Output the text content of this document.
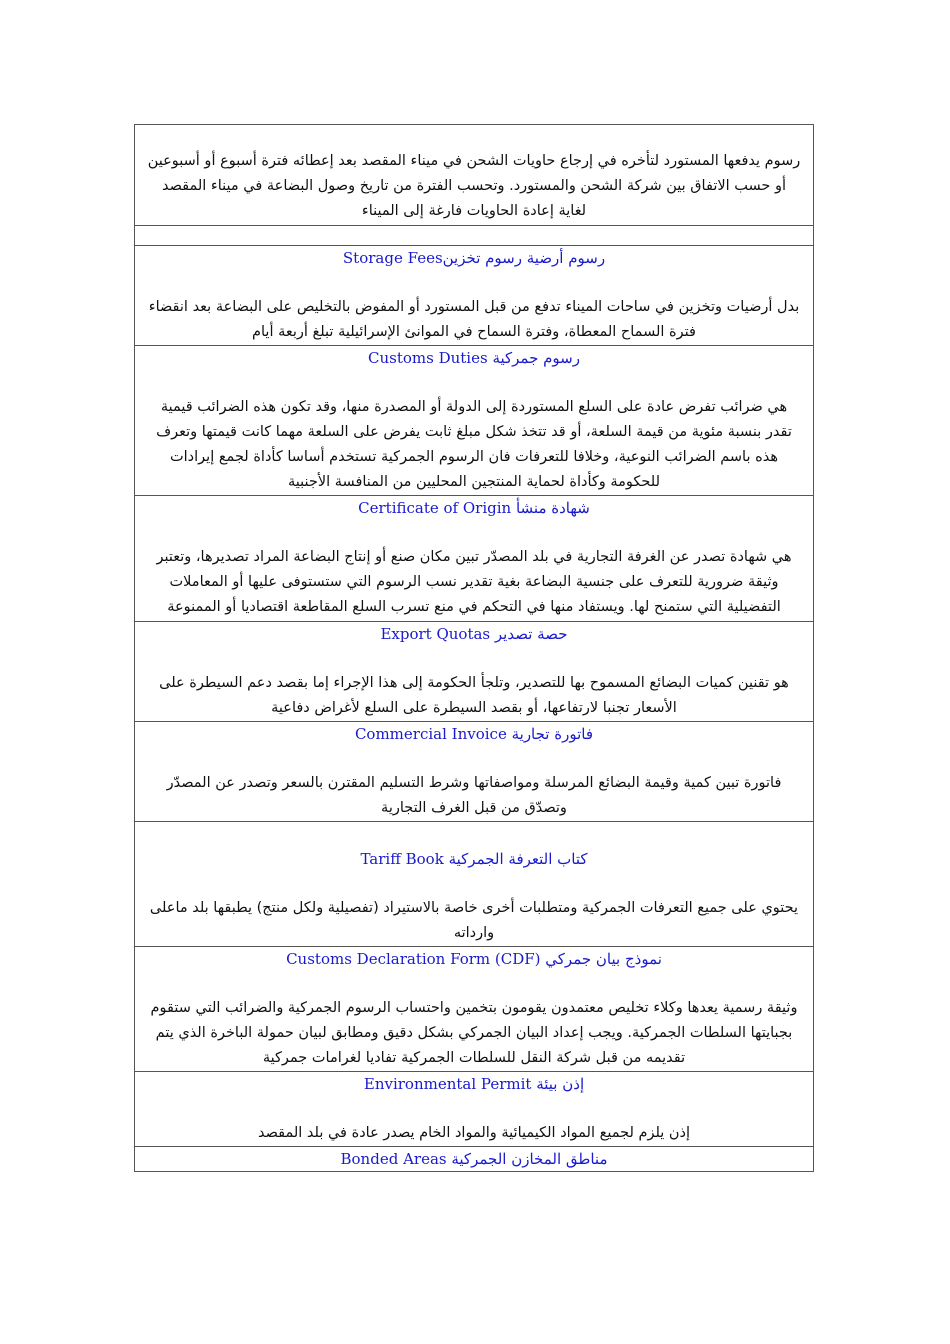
رسوم يدفعها المستورد لتأخره في إرجاع حاويات الشحن في ميناء المقصد بعد إعطائه فترة أسبوع أو أسبوعين أو حسب الاتفاق بين شركة الشحن والمستورد. وتحسب الفترة من تاريخ وصول البضاعة في ميناء المقصد لغاية إعادة الحاويات فارغة إلى الميناء
Storage Feesرسوم أرضية رسوم تخزين
بدل أرضيات وتخزين في ساحات الميناء تدفع من قبل المستورد أو المفوض بالتخليص على البضاعة بعد انقضاء فترة السماح المعطاة، وفترة السماح في الموانئ الإسرائيلية تبلغ أربعة أيام
رسوم جمركية Customs Duties
هي ضرائب تفرض عادة على السلع المستوردة إلى الدولة أو المصدرة منها، وقد تكون هذه الضرائب قيمية تقدر بنسبة مئوية من قيمة السلعة، أو قد تتخذ شكل مبلغ ثابت يفرض على السلعة مهما كانت قيمتها وتعرف هذه باسم الضرائب النوعية، وخلافا للتعرفات فان الرسوم الجمركية تستخدم أساسا كأداة لجمع إيرادات للحكومة وكأداة لحماية المنتجين المحليين من المنافسة الأجنبية
شهادة منشأ Certificate of Origin
هي شهادة تصدر عن الغرفة التجارية في بلد المصدّر تبين مكان صنع أو إنتاج البضاعة المراد تصديرها، وتعتبر وثيقة ضرورية للتعرف على جنسية البضاعة بغية تقدير نسب الرسوم التي ستستوفى عليها أو المعاملات التفضيلية التي ستمنح لها. ويستفاد منها في التحكم في منع تسرب السلع المقاطعة اقتصاديا أو الممنوعة
حصة تصدير Export Quotas
هو تقنين كميات البضائع المسموح بها للتصدير، وتلجأ الحكومة إلى هذا الإجراء إما بقصد دعم السيطرة على الأسعار تجنبا لارتفاعها، أو بقصد السيطرة على السلع لأغراض دفاعية
فاتورة تجارية Commercial Invoice
فاتورة تبين كمية وقيمة البضائع المرسلة ومواصفاتها وشرط التسليم المقترن بالسعر وتصدر عن المصدّر وتصدّق من قبل الغرف التجارية
كتاب التعرفة الجمركية Tariff Book
يحتوي على جميع التعرفات الجمركية ومتطلبات أخرى خاصة بالاستيراد (تفصيلية ولكل منتج) يطبقها بلد ماعلى وارداته
نموذج بيان جمركي Customs Declaration Form (CDF)
وثيقة رسمية يعدها وكلاء تخليص معتمدون يقومون بتخمين واحتساب الرسوم الجمركية والضرائب التي ستقوم بجبايتها السلطات الجمركية. ويجب إعداد البيان الجمركي بشكل دقيق ومطابق لبيان حمولة الباخرة الذي يتم تقديمه من قبل شركة النقل للسلطات الجمركية تفاديا لغرامات جمركية
إذن بيئة Environmental Permit
إذن يلزم لجميع المواد الكيميائية والمواد الخام يصدر عادة في بلد المقصد
مناطق المخازن الجمركية Bonded Areas
